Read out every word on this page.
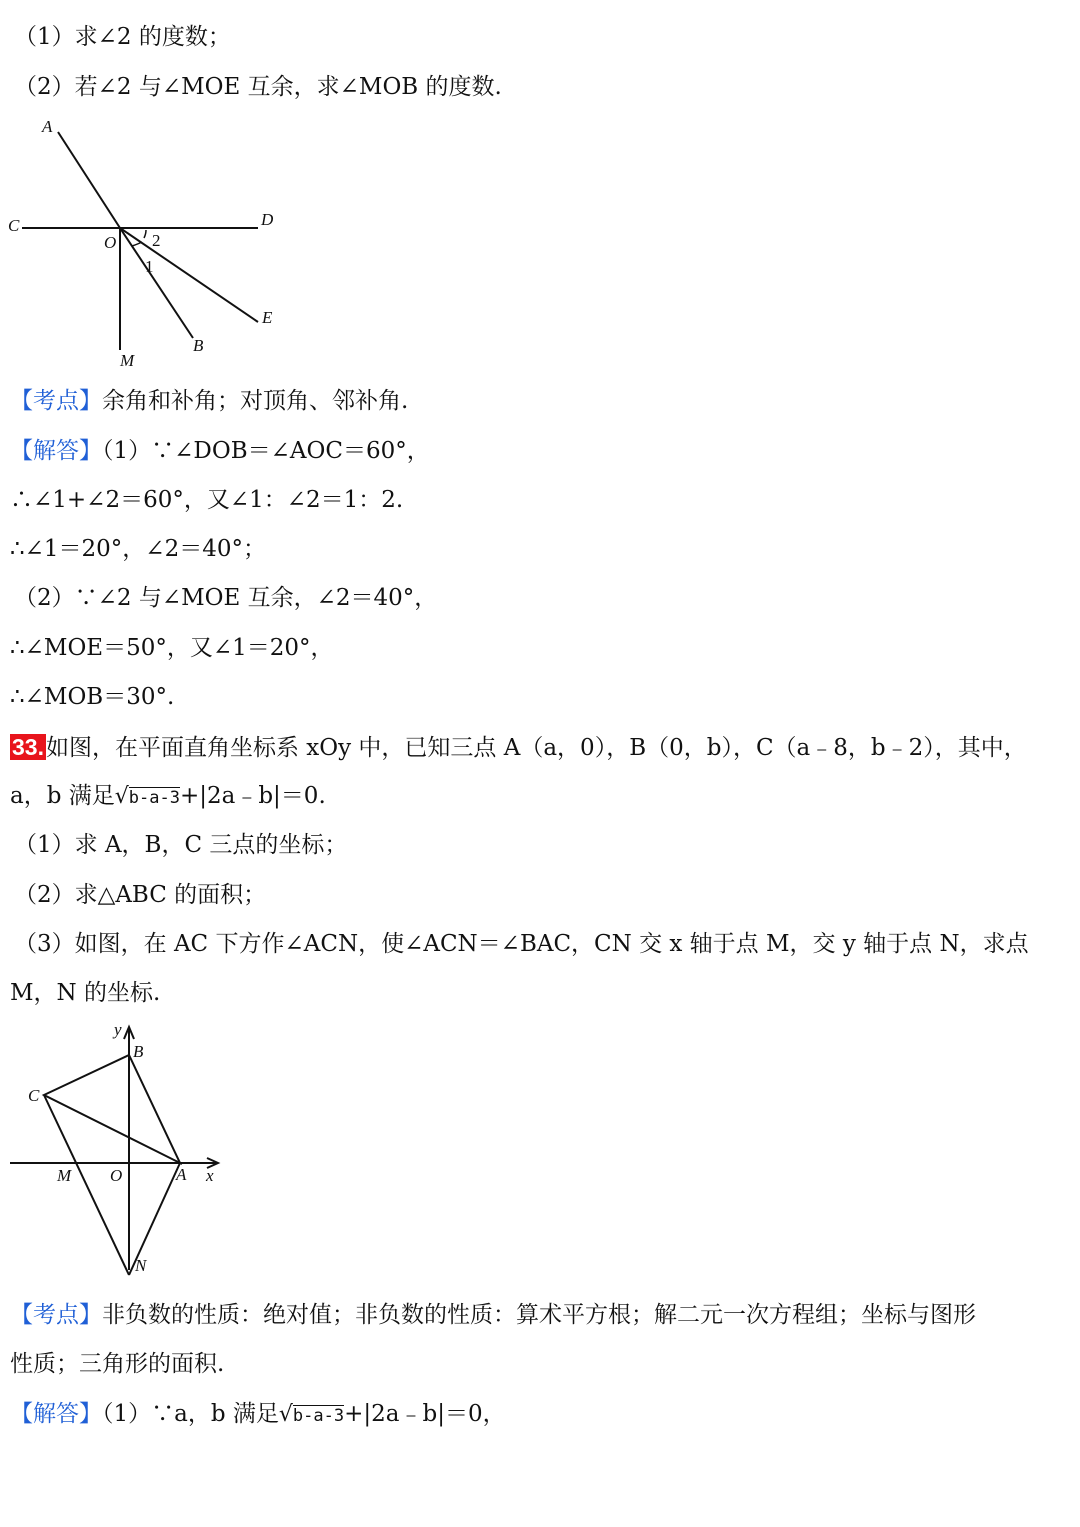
（1）求∠2 的度数；
（2）若∠2 与∠MOE 互余，求∠MOB 的度数.
A
C	D
O
1
2
E
B
M
【考点】余角和补角；对顶角、邻补角.
【解答】（1）∵∠DOB＝∠AOC＝60°，
∴∠1+∠2＝60°，又∠1：∠2＝1：2.
∴∠1＝20°，∠2＝40°；
（2）∵∠2 与∠MOE 互余，∠2＝40°，
∴∠MOE＝50°，又∠1＝20°，
∴∠MOB＝30°.
33.如图，在平面直角坐标系 xOy 中，已知三点 A（a，0），B（0，b），C（a﹣8，b﹣2），其中，
a，b 满足√b-a-3+|2a﹣b|＝0.
（1）求 A，B，C 三点的坐标；
（2）求△ABC 的面积；
（3）如图，在 AC 下方作∠ACN，使∠ACN＝∠BAC，CN 交 x 轴于点 M，交 y 轴于点 N，求点
M，N 的坐标.
y
B
C
M O	A x
N
【考点】非负数的性质：绝对值；非负数的性质：算术平方根；解二元一次方程组；坐标与图形
性质；三角形的面积.
【解答】（1）∵a，b 满足√b-a-3+|2a﹣b|＝0，
